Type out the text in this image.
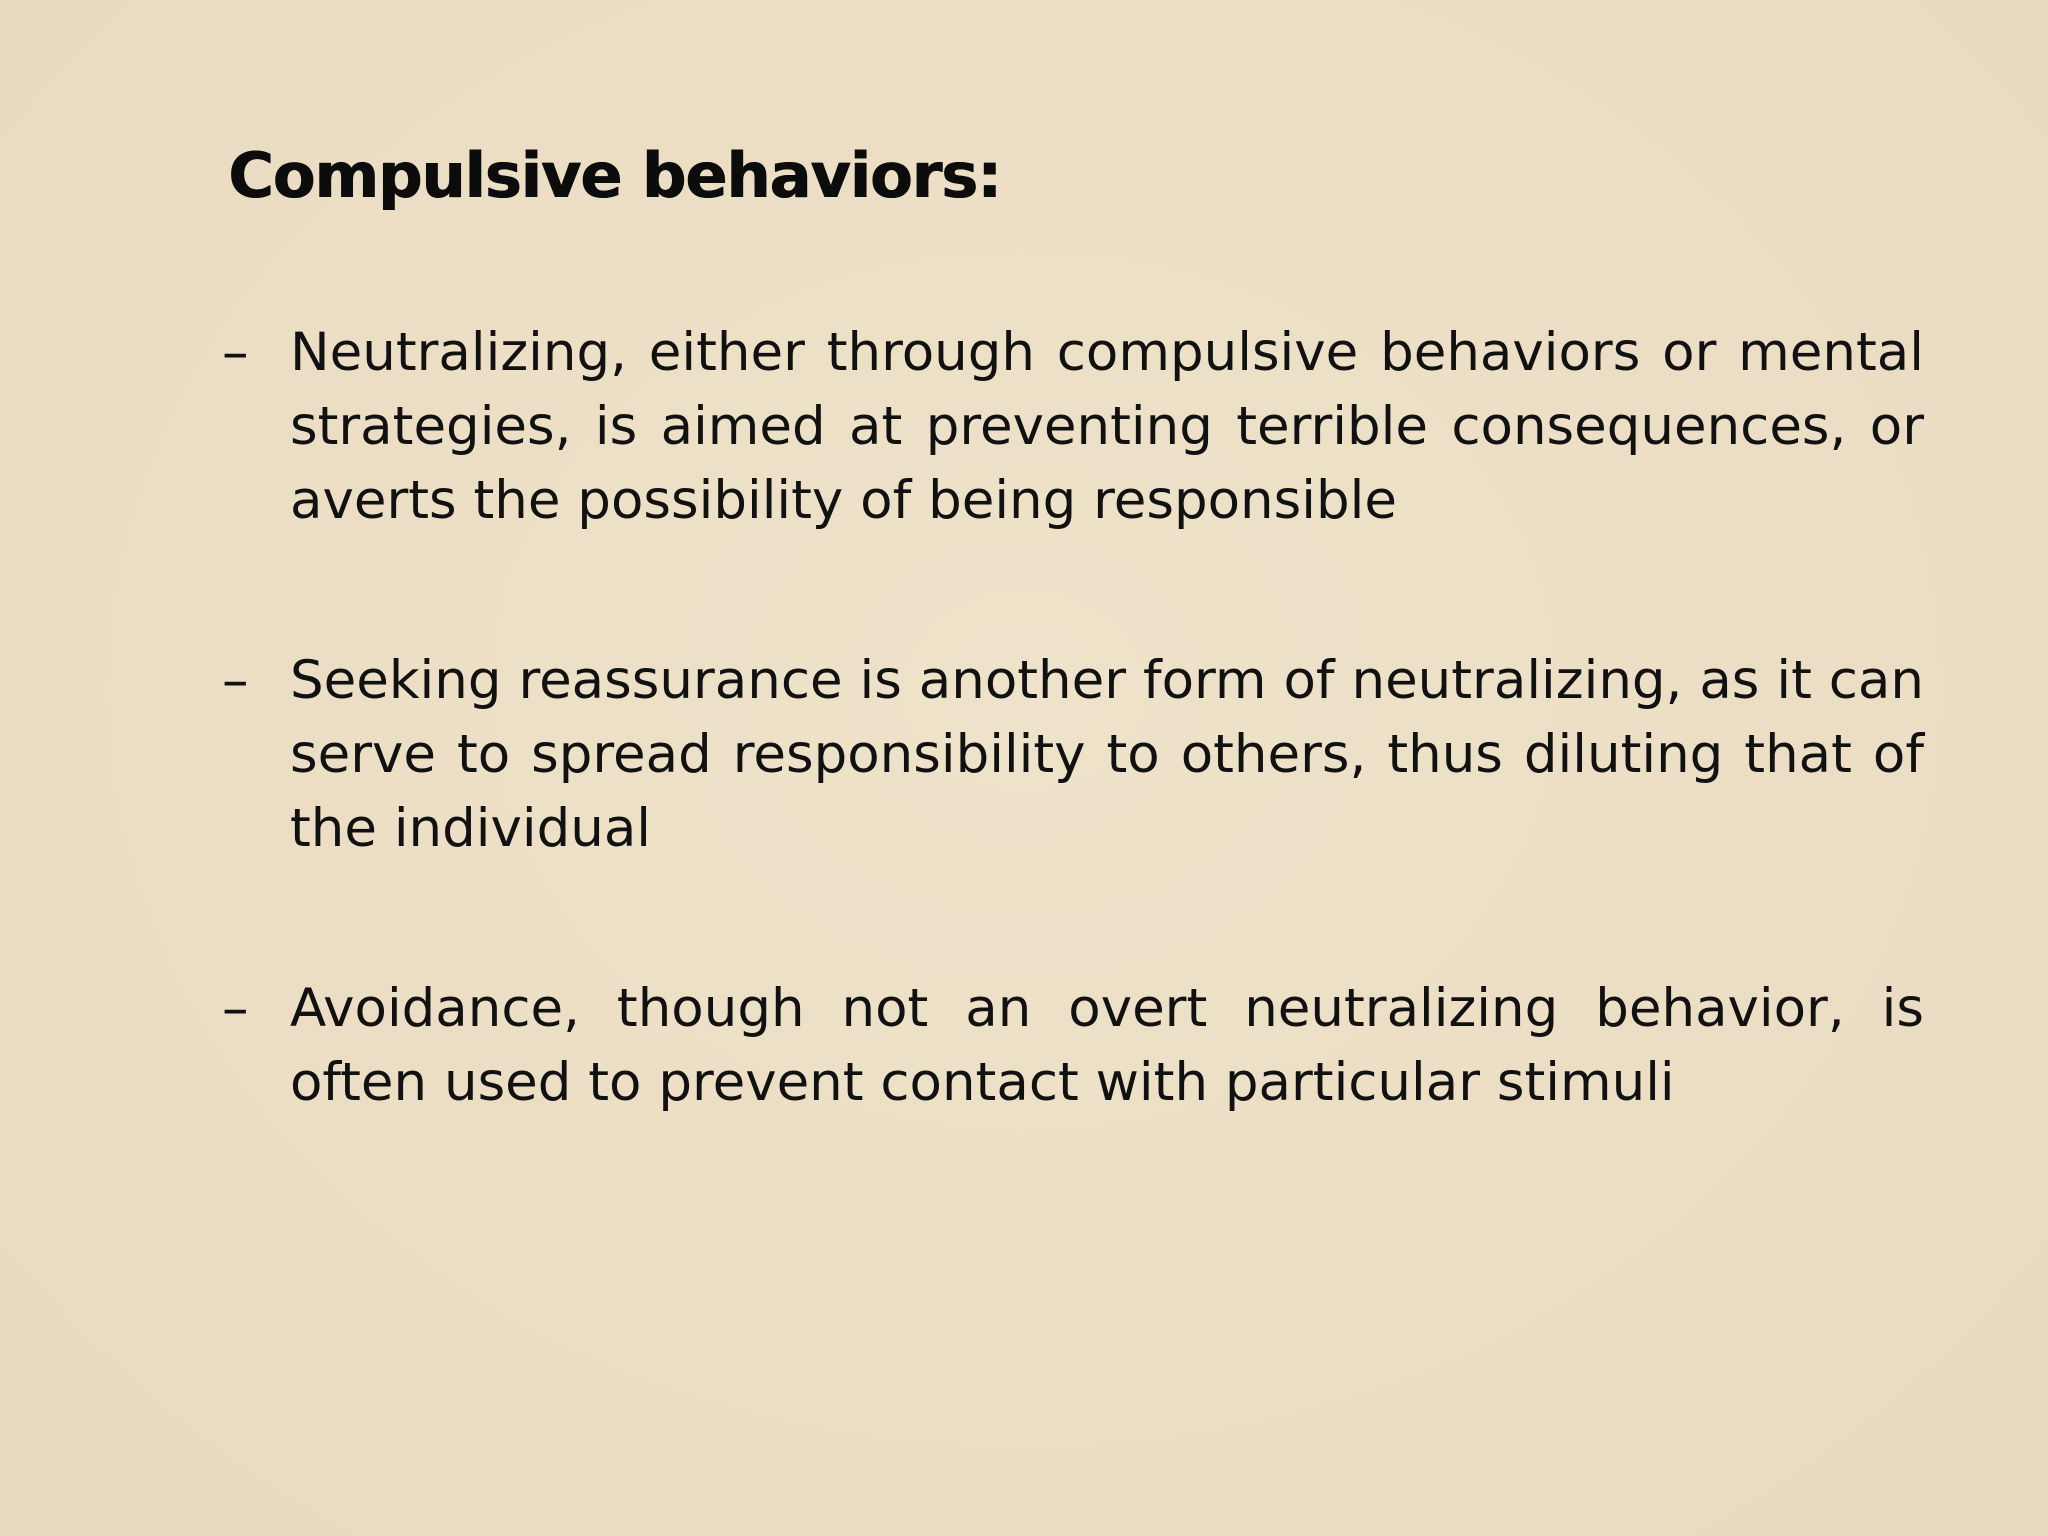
Compulsive behaviors:
– Neutralizing, either through compulsive behaviors or mental strategies, is aimed at preventing terrible consequences, or averts the possibility of being responsible
– Seeking reassurance is another form of neutralizing, as it can serve to spread responsibility to others, thus diluting that of the individual
– Avoidance, though not an overt neutralizing behavior, is often used to prevent contact with particular stimuli
